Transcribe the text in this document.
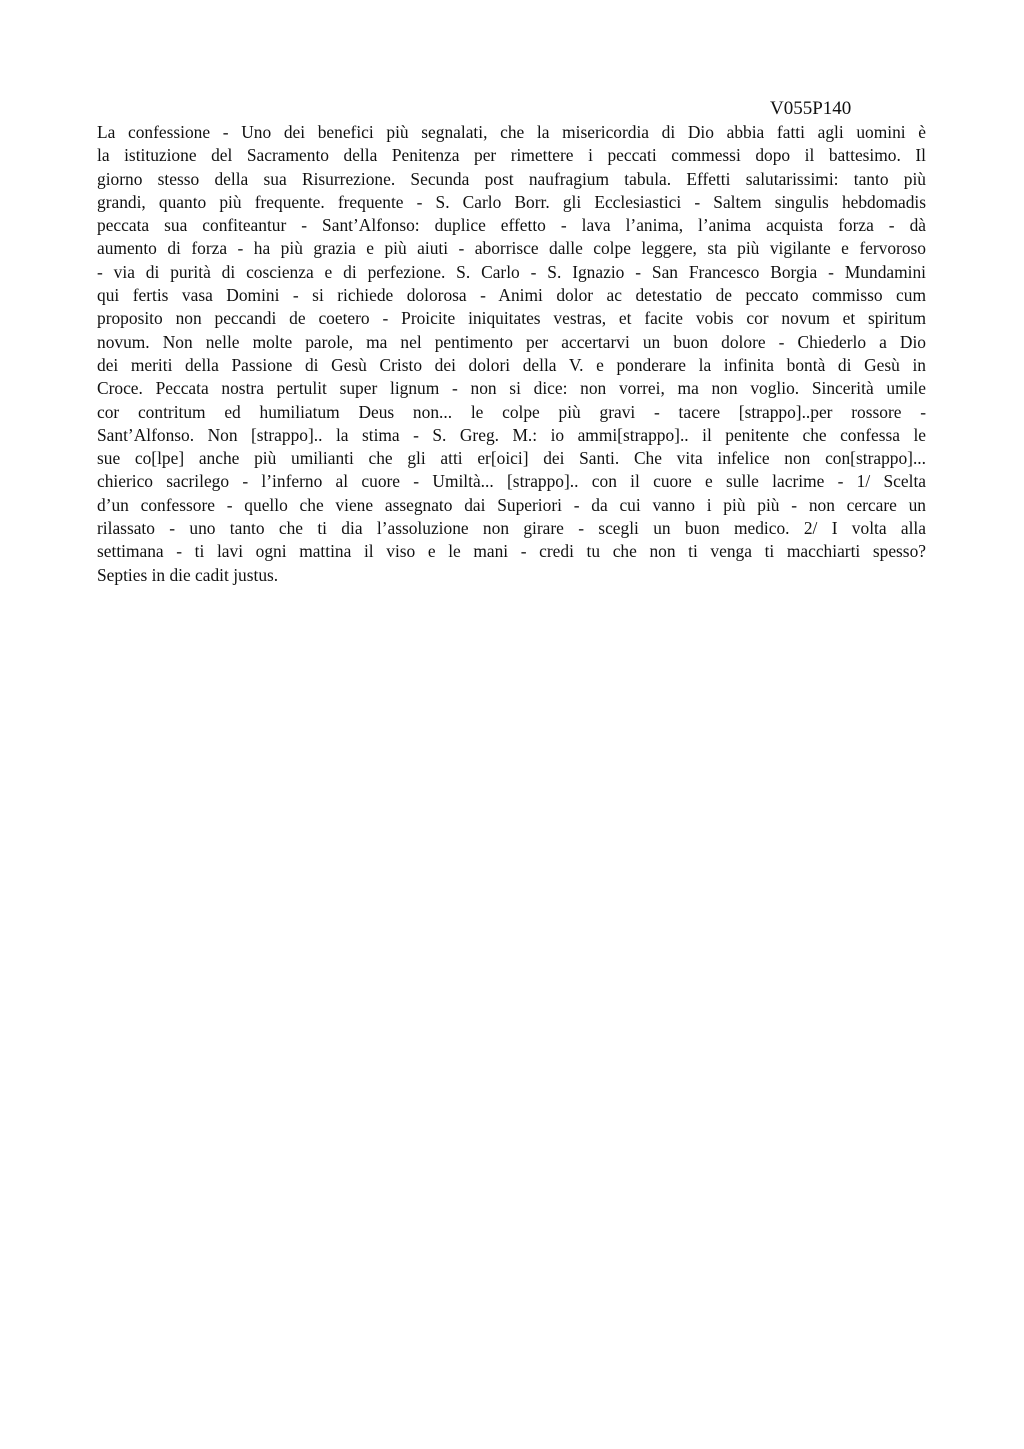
V055P140
La confessione - Uno dei benefici più segnalati, che la misericordia di Dio abbia fatti agli uomini è
la istituzione del Sacramento della Penitenza per rimettere i peccati commessi dopo il battesimo. Il
giorno stesso della sua Risurrezione. Secunda post naufragium tabula. Effetti salutarissimi: tanto più
grandi, quanto più frequente. frequente - S. Carlo Borr. gli Ecclesiastici - Saltem singulis hebdomadis
peccata sua confiteantur - Sant’Alfonso: duplice effetto - lava l’anima, l’anima acquista forza - dà
aumento di forza - ha più grazia e più aiuti - aborrisce dalle colpe leggere, sta più vigilante e fervoroso
- via di purità di coscienza e di perfezione. S. Carlo - S. Ignazio - San Francesco Borgia - Mundamini
qui fertis vasa Domini - si richiede dolorosa - Animi dolor ac detestatio de peccato commisso cum
proposito non peccandi de coetero - Proicite iniquitates vestras, et facite vobis cor novum et spiritum
novum. Non nelle molte parole, ma nel pentimento per accertarvi un buon dolore - Chiederlo a Dio
dei meriti della Passione di Gesù Cristo dei dolori della V. e ponderare la infinita bontà di Gesù in
Croce. Peccata nostra pertulit super lignum - non si dice: non vorrei, ma non voglio. Sincerità umile
cor contritum ed humiliatum Deus non... le colpe più gravi - tacere [strappo]..per rossore -
Sant’Alfonso. Non [strappo].. la stima - S. Greg. M.: io ammi[strappo].. il penitente che confessa le
sue co[lpe] anche più umilianti che gli atti er[oici] dei Santi. Che vita infelice non con[strappo]...
chierico sacrilego - l’inferno al cuore - Umiltà... [strappo].. con il cuore e sulle lacrime - 1/ Scelta
d’un confessore - quello che viene assegnato dai Superiori - da cui vanno i più più - non cercare un
rilassato - uno tanto che ti dia l’assoluzione non girare - scegli un buon medico. 2/ I volta alla
settimana - ti lavi ogni mattina il viso e le mani - credi tu che non ti venga ti macchiarti spesso?
Septies in die cadit justus.
